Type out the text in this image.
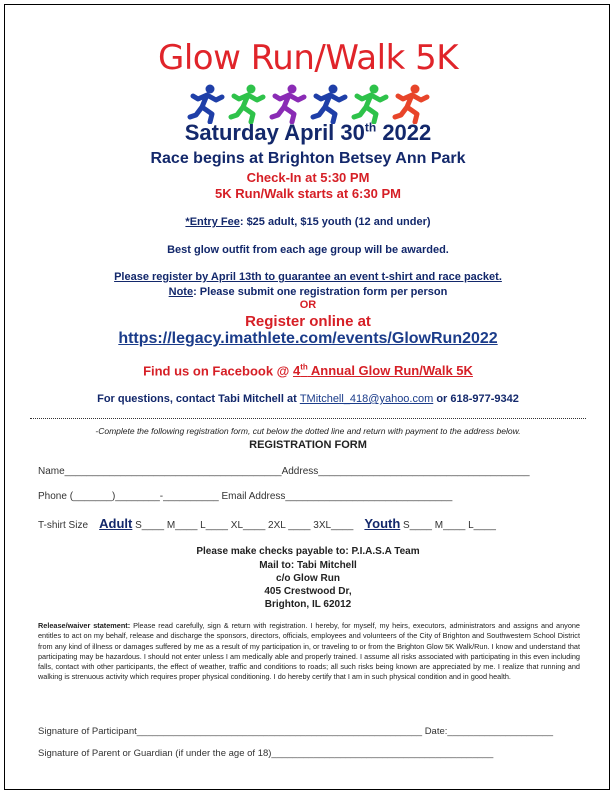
Glow Run/Walk 5K
Saturday April 30th 2022
Race begins at Brighton Betsey Ann Park
Check-In at 5:30 PM
5K Run/Walk starts at 6:30 PM
*Entry Fee: $25 adult, $15 youth (12 and under)
Best glow outfit from each age group will be awarded.
Please register by April 13th to guarantee an event t-shirt and race packet.
Note: Please submit one registration form per person
OR
Register online at
https://legacy.imathlete.com/events/GlowRun2022
Find us on Facebook @ 4th Annual Glow Run/Walk 5K
For questions, contact Tabi Mitchell at TMitchell_418@yahoo.com or 618-977-9342
-Complete the following registration form, cut below the dotted line and return with payment to the address below.
REGISTRATION FORM
Name_______________________________________Address______________________________________
Phone (_______)________-__________ Email Address______________________________
T-shirt Size Adult S____ M____ L____ XL____ 2XL ____ 3XL____ Youth S____ M____ L____
Please make checks payable to: P.I.A.S.A Team
Mail to: Tabi Mitchell
c/o Glow Run
405 Crestwood Dr,
Brighton, IL 62012
Release/waiver statement: Please read carefully, sign & return with registration. I hereby, for myself, my heirs, executors, administrators and assigns and anyone entitles to act on my behalf, release and discharge the sponsors, directors, officials, employees and volunteers of the City of Brighton and Southwestern School District from any kind of illness or damages suffered by me as a result of my participation in, or traveling to or from the Brighton Glow 5K Walk/Run. I know and understand that participating may be hazardous. I should not enter unless I am medically able and properly trained. I assume all risks associated with participating in this even including falls, contact with other participants, the effect of weather, traffic and conditions to roads; all such risks being known are appreciated by me. I realize that running and walking is strenuous activity which requires proper physical conditioning. I do hereby certify that I am in such physical condition and in good health.
Signature of Participant______________________________________________________ Date:____________________
Signature of Parent or Guardian (if under the age of 18)__________________________________________
